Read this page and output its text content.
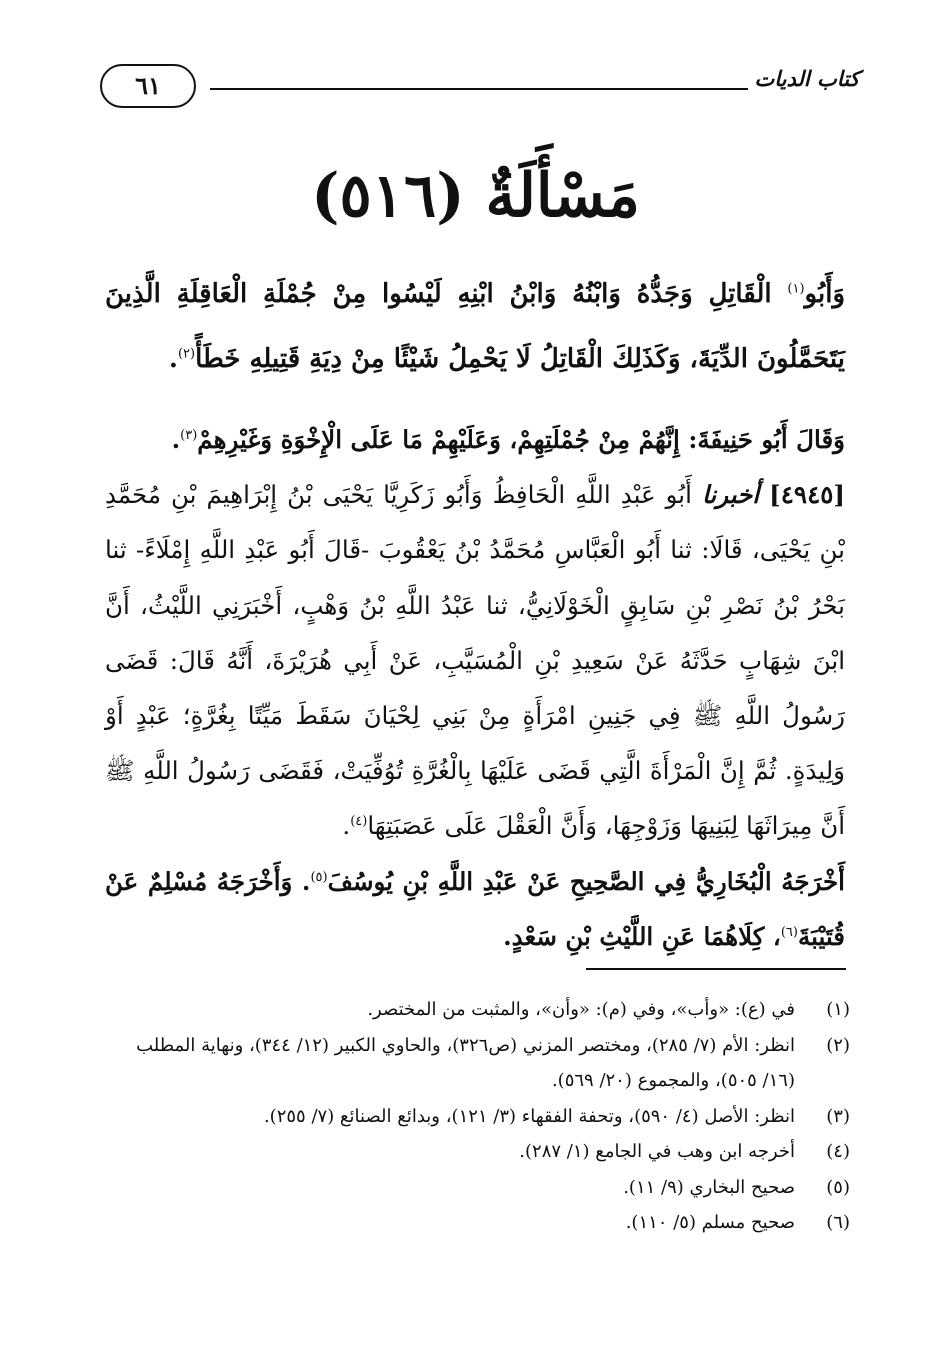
٦١	كتاب الديات
مَسْأَلَةٌ (٥١٦)
وَأَبُو$^{(١)}$ الْقَاتِلِ وَجَدُّهُ وَابْنُهُ وَابْنُ ابْنِهِ لَيْسُوا مِنْ جُمْلَةِ الْعَاقِلَةِ الَّذِينَ يَتَحَمَّلُونَ الدِّيَةَ، وَكَذَلِكَ الْقَاتِلُ لَا يَحْمِلُ شَيْئًا مِنْ دِيَةِ قَتِيلِهِ خَطَأً$^{(٢)}$.

وَقَالَ أَبُو حَنِيفَةَ: إِنَّهُمْ مِنْ جُمْلَتِهِمْ، وَعَلَيْهِمْ مَا عَلَى الْإِخْوَةِ وَغَيْرِهِمْ$^{(٣)}$.

[٤٩٤٥] أخبرنا أَبُو عَبْدِ اللَّهِ الْحَافِظُ وَأَبُو زَكَرِيَّا يَحْيَى بْنُ إِبْرَاهِيمَ بْنِ مُحَمَّدِ بْنِ يَحْيَى، قَالَا: ثنا أَبُو الْعَبَّاسِ مُحَمَّدُ بْنُ يَعْقُوبَ -قَالَ أَبُو عَبْدِ اللَّهِ إِمْلَاءً- ثنا بَحْرُ بْنُ نَصْرِ بْنِ سَابِقٍ الْخَوْلَانِيُّ، ثنا عَبْدُ اللَّهِ بْنُ وَهْبٍ، أَخْبَرَنِي اللَّيْثُ، أَنَّ ابْنَ شِهَابٍ حَدَّثَهُ عَنْ سَعِيدِ بْنِ الْمُسَيَّبِ، عَنْ أَبِي هُرَيْرَةَ، أَنَّهُ قَالَ: قَضَى رَسُولُ اللَّهِ ﷺ فِي جَنِينِ امْرَأَةٍ مِنْ بَنِي لِحْيَانَ سَقَطَ مَيِّتًا بِغُرَّةٍ؛ عَبْدٍ أَوْ وَلِيدَةٍ. ثُمَّ إِنَّ الْمَرْأَةَ الَّتِي قَضَى عَلَيْهَا بِالْغُرَّةِ تُوُفِّيَتْ، فَقَضَى رَسُولُ اللَّهِ ﷺ أَنَّ مِيرَاثَهَا لِبَنِيهَا وَزَوْجِهَا، وَأَنَّ الْعَقْلَ عَلَى عَصَبَتِهَا$^{(٤)}$.

أَخْرَجَهُ الْبُخَارِيُّ فِي الصَّحِيحِ عَنْ عَبْدِ اللَّهِ بْنِ يُوسُفَ$^{(٥)}$. وَأَخْرَجَهُ مُسْلِمٌ عَنْ قُتَيْبَةَ$^{(٦)}$، كِلَاهُمَا عَنِ اللَّيْثِ بْنِ سَعْدٍ.

(١)
في (ع): «وأب»، وفي (م): «وأن»، والمثبت من المختصر.
(٢)
انظر: الأم (٧/ ٢٨٥)، ومختصر المزني (ص٣٢٦)، والحاوي الكبير (١٢/ ٣٤٤)، ونهاية المطلب (١٦/ ٥٠٥)، والمجموع (٢٠/ ٥٦٩).
(٣)
انظر: الأصل (٤/ ٥٩٠)، وتحفة الفقهاء (٣/ ١٢١)، وبدائع الصنائع (٧/ ٢٥٥).
(٤)
أخرجه ابن وهب في الجامع (١/ ٢٨٧).
(٥)
صحيح البخاري (٩/ ١١).
(٦)
صحيح مسلم (٥/ ١١٠).
